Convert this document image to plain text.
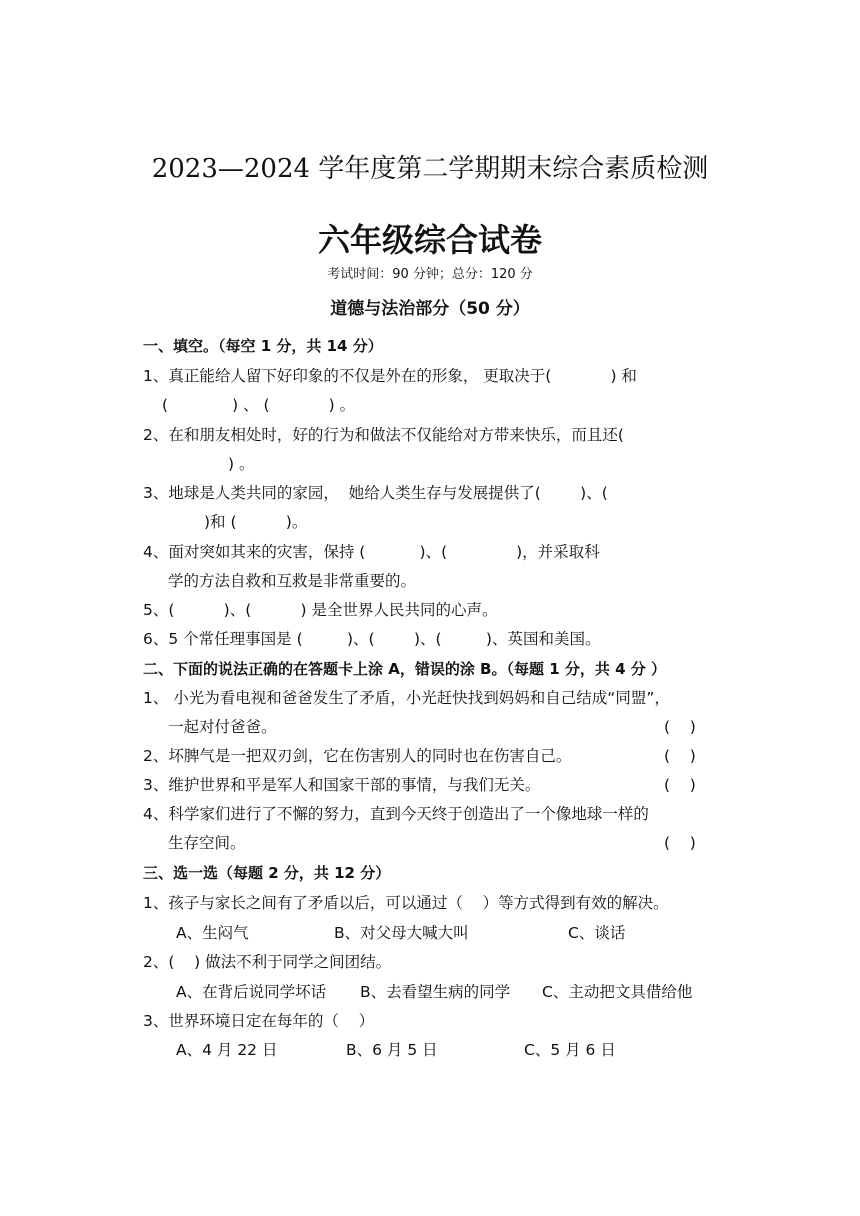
2023—2024 学年度第二学期期末综合素质检测
六年级综合试卷
考试时间：90 分钟；总分：120 分
道德与法治部分（50 分）
一、填空。（每空 1 分，共 14 分）
1、真正能给人留下好印象的不仅是外在的形象， 更取决于(            ) 和
(             ) 、 (            ) 。
2、在和朋友相处时，好的行为和做法不仅能给对方带来快乐，而且还(
) 。
3、地球是人类共同的家园，  她给人类生存与发展提供了(        )、(
)和 (          )。
4、面对突如其来的灾害，保持 (           )、(              )，并采取科
学的方法自救和互救是非常重要的。
5、(          )、(          ) 是全世界人民共同的心声。
6、5 个常任理事国是 (         )、(        )、(         )、英国和美国。
二、下面的说法正确的在答题卡上涂 A，错误的涂 B。（每题 1 分，共 4 分 ）
1、 小光为看电视和爸爸发生了矛盾，小光赶快找到妈妈和自己结成“同盟”，
一起对付爸爸。	(    )
2、坏脾气是一把双刃剑，它在伤害别人的同时也在伤害自己。	(    )
3、维护世界和平是军人和国家干部的事情，与我们无关。	(    )
4、科学家们进行了不懈的努力，直到今天终于创造出了一个像地球一样的
生存空间。	(    )
三、选一选（每题 2 分，共 12 分）
1、孩子与家长之间有了矛盾以后，可以通过（    ）等方式得到有效的解决。
A、生闷气	B、对父母大喊大叫	C、谈话
2、(    ) 做法不利于同学之间团结。
A、在背后说同学坏话 B、去看望生病的同学 C、主动把文具借给他
3、世界环境日定在每年的（    ）
A、4 月 22 日	B、6 月 5 日	C、5 月 6 日
